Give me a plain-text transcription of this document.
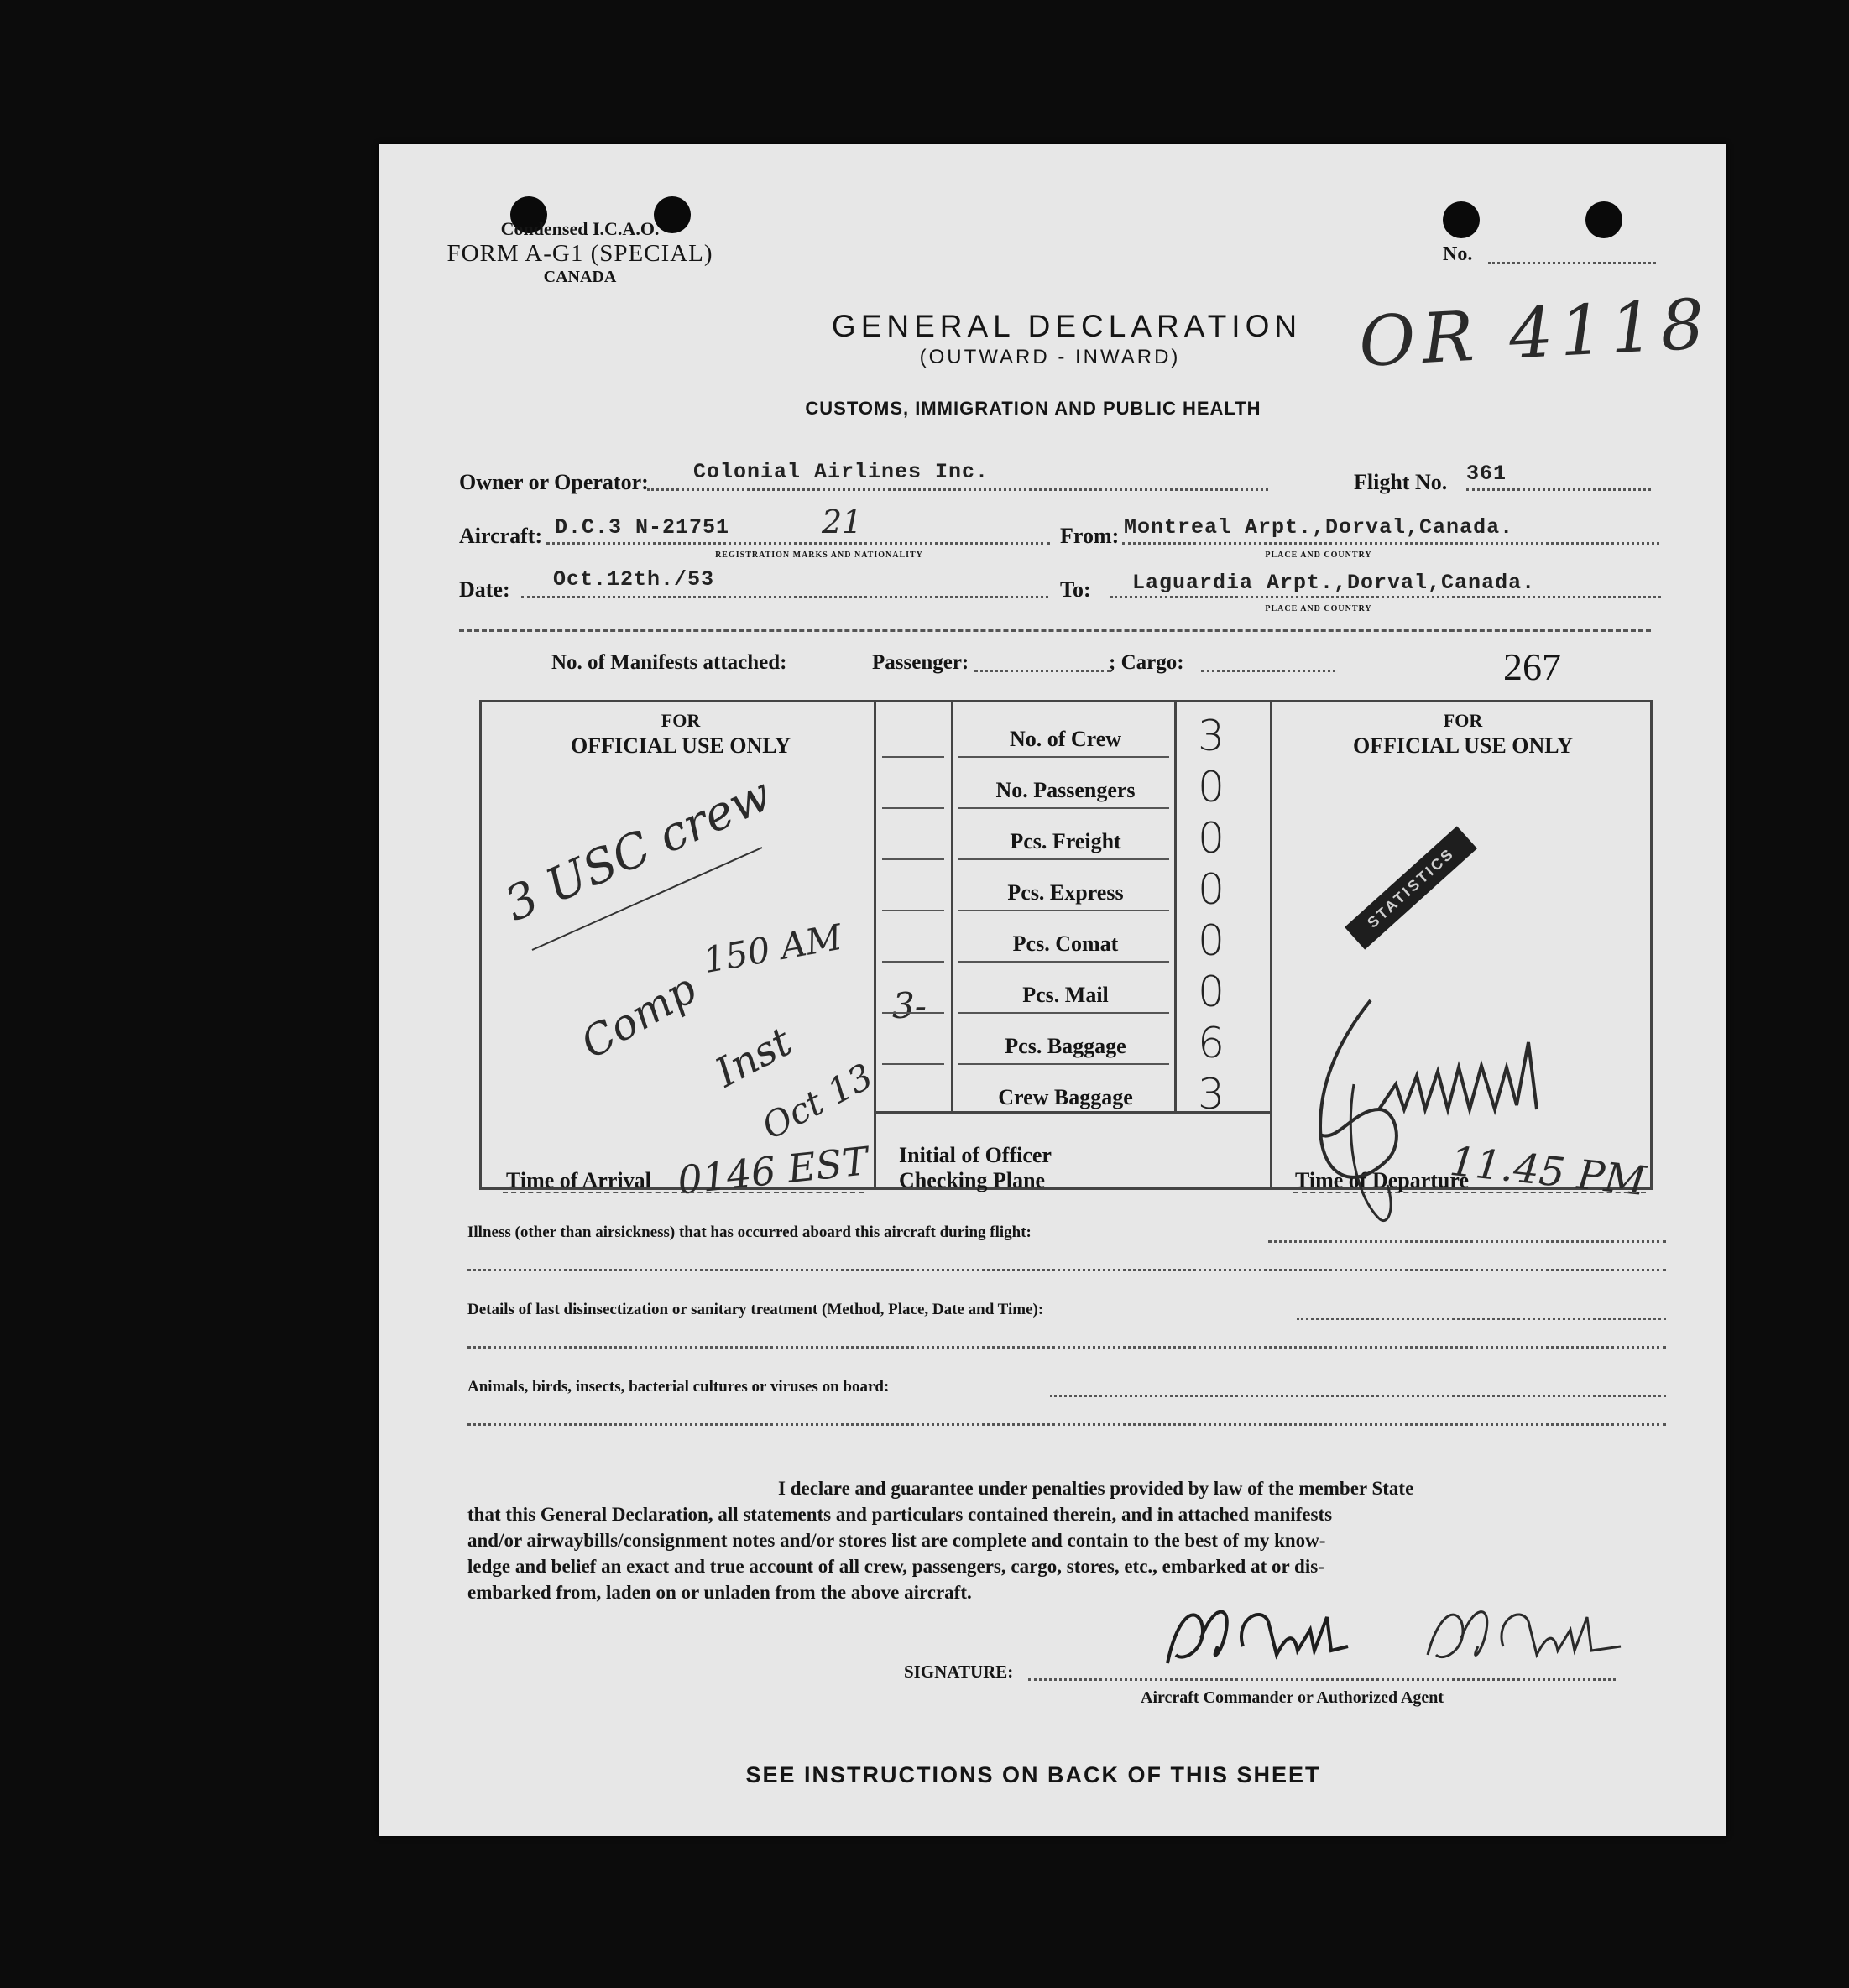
Condensed I.C.A.O.
FORM A-G1 (SPECIAL)
CANADA
No.
GENERAL DECLARATION
(OUTWARD - INWARD)
CUSTOMS, IMMIGRATION AND PUBLIC HEALTH
OR 4118
Owner or Operator: Colonial Airlines Inc.	Flight No. 361
Aircraft: D.C.3 N-21751	21
REGISTRATION MARKS AND NATIONALITY
From: Montreal Arpt.,Dorval,Canada.
PLACE AND COUNTRY
Date: Oct.12th./53	To: Laguardia Arpt.,Dorval,Canada.
PLACE AND COUNTRY
No. of Manifests attached:	Passenger:	; Cargo:	267
FOR
OFFICIAL USE ONLY
FOR
OFFICIAL USE ONLY
Time of Arrival 0146 EST Initial of Officer
Checking Plane	Time of Departure
11.45 PM
3 USC crew
150 AM
Comp Inst
Oct 13
3-
STATISTICS
Illness (other than airsickness) that has occurred aboard this aircraft during flight:
Details of last disinsectization or sanitary treatment (Method, Place, Date and Time):
Animals, birds, insects, bacterial cultures or viruses on board:
I declare and guarantee under penalties provided by law of the member State
that this General Declaration, all statements and particulars contained therein, and in attached manifests
and/or airwaybills/consignment notes and/or stores list are complete and contain to the best of my know-
ledge and belief an exact and true account of all crew, passengers, cargo, stores, etc., embarked at or dis-
embarked from, laden on or unladen from the above aircraft.
SIGNATURE:
Aircraft Commander or Authorized Agent
SEE INSTRUCTIONS ON BACK OF THIS SHEET
No. of Crew	3
No. Passengers	0
Pcs. Freight	0
Pcs. Express	0
Pcs. Comat	0
Pcs. Mail	0
Pcs. Baggage	6
Crew Baggage	3
